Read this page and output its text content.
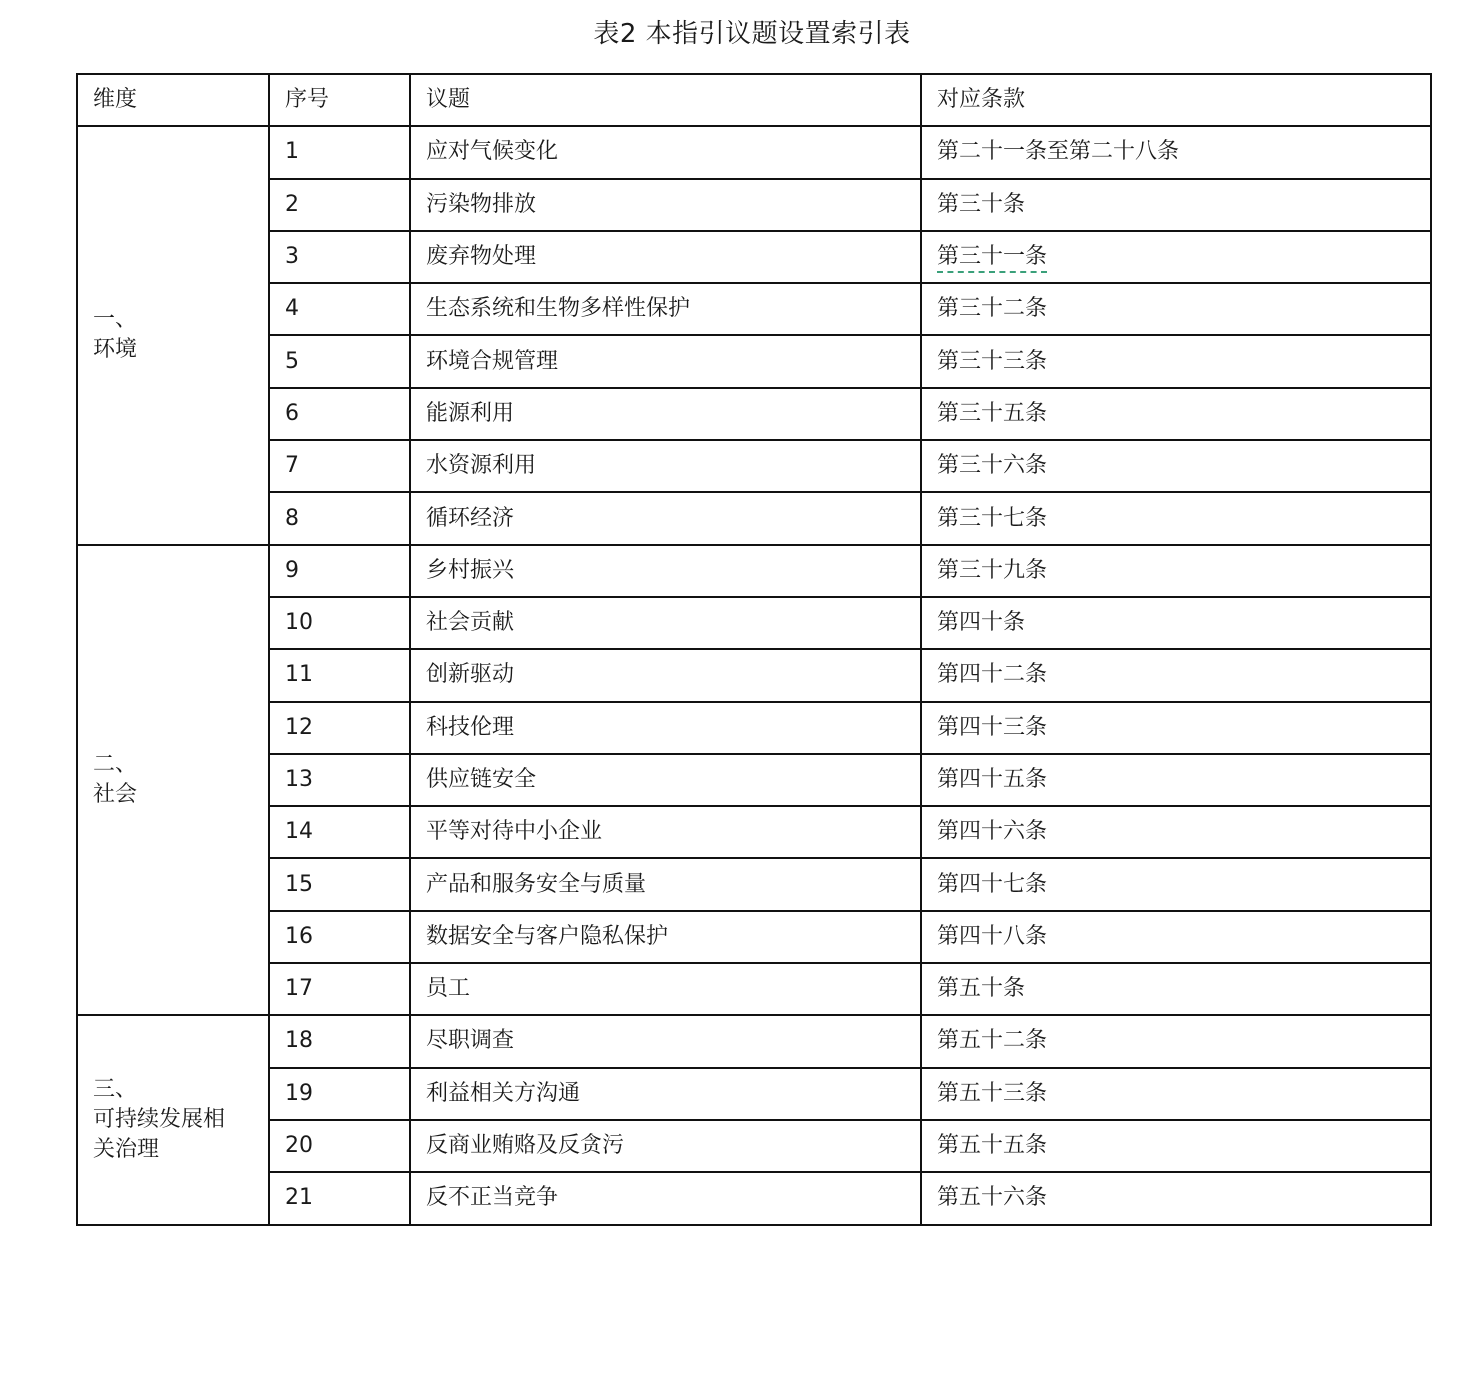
表2 本指引议题设置索引表
维度	序号	议题	对应条款

一、
环境	1	应对气候变化	第二十一条至第二十八条
	2	污染物排放	第三十条
	3	废弃物处理	第三十一条
	4	生态系统和生物多样性保护	第三十二条
	5	环境合规管理	第三十三条
	6	能源利用	第三十五条
	7	水资源利用	第三十六条
	8	循环经济	第三十七条

二、
社会	9	乡村振兴	第三十九条
	10	社会贡献	第四十条
	11	创新驱动	第四十二条
	12	科技伦理	第四十三条
	13	供应链安全	第四十五条
	14	平等对待中小企业	第四十六条
	15	产品和服务安全与质量	第四十七条
	16	数据安全与客户隐私保护	第四十八条
	17	员工	第五十条

三、
可持续发展相
关治理	18	尽职调查	第五十二条
	19	利益相关方沟通	第五十三条
	20	反商业贿赂及反贪污	第五十五条
	21	反不正当竞争	第五十六条
